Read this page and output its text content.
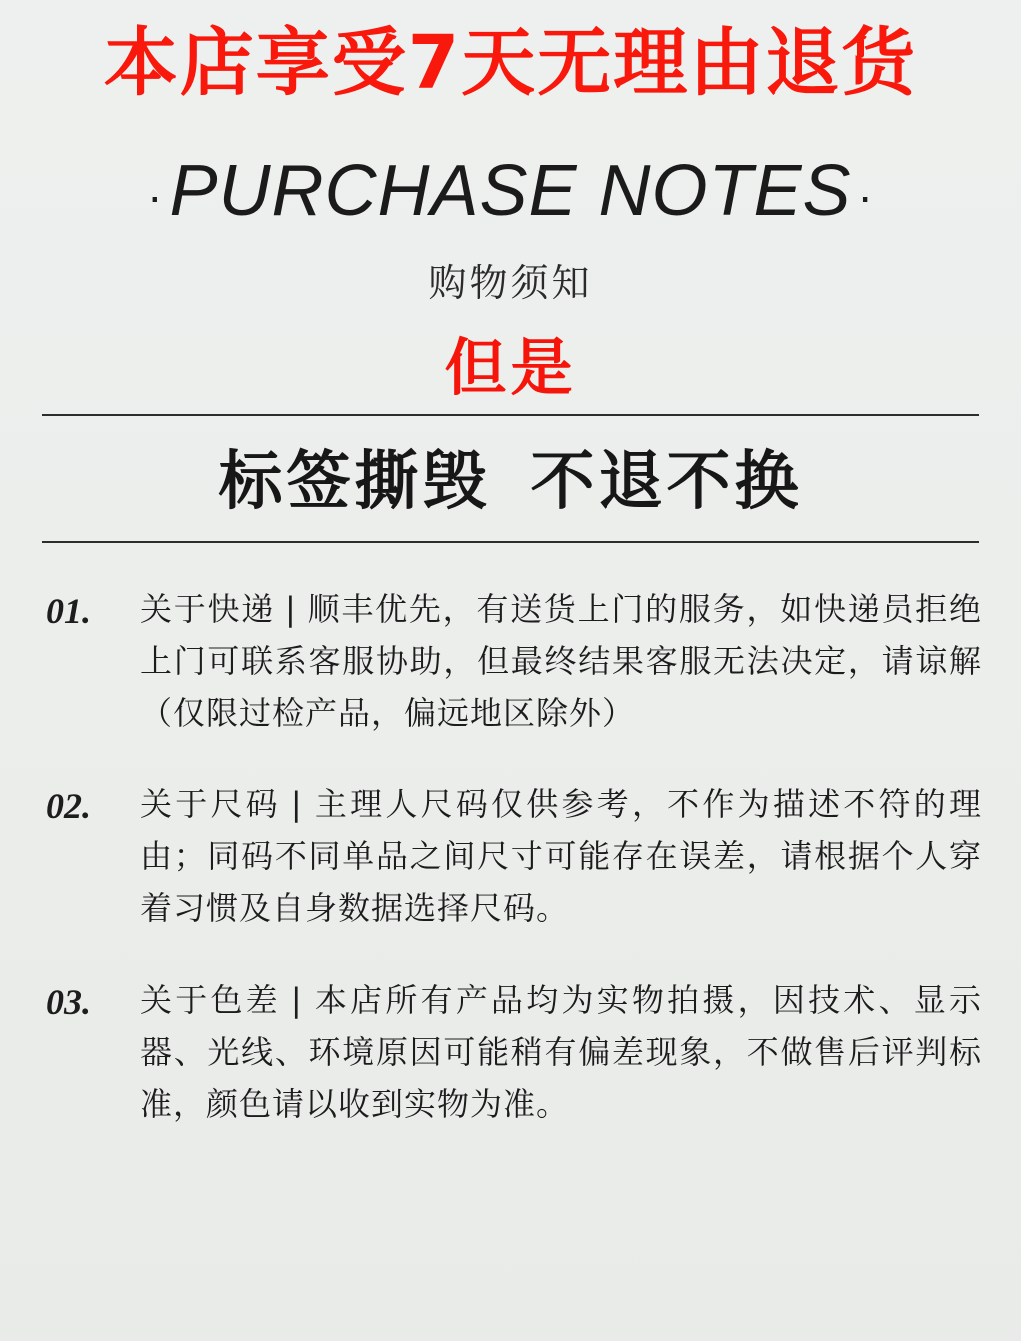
本店享受7天无理由退货
·PURCHASE NOTES ·
购物须知
但是
标签撕毁 不退不换
01.	关于快递 | 顺丰优先，有送货上门的服务，如快递员拒绝上门可联系客服协助，但最终结果客服无法决定，请谅解（仅限过检产品，偏远地区除外）
02.	关于尺码 | 主理人尺码仅供参考，不作为描述不符的理由；同码不同单品之间尺寸可能存在误差，请根据个人穿着习惯及自身数据选择尺码。
03.	关于色差 | 本店所有产品均为实物拍摄，因技术、显示器、光线、环境原因可能稍有偏差现象，不做售后评判标准，颜色请以收到实物为准。
